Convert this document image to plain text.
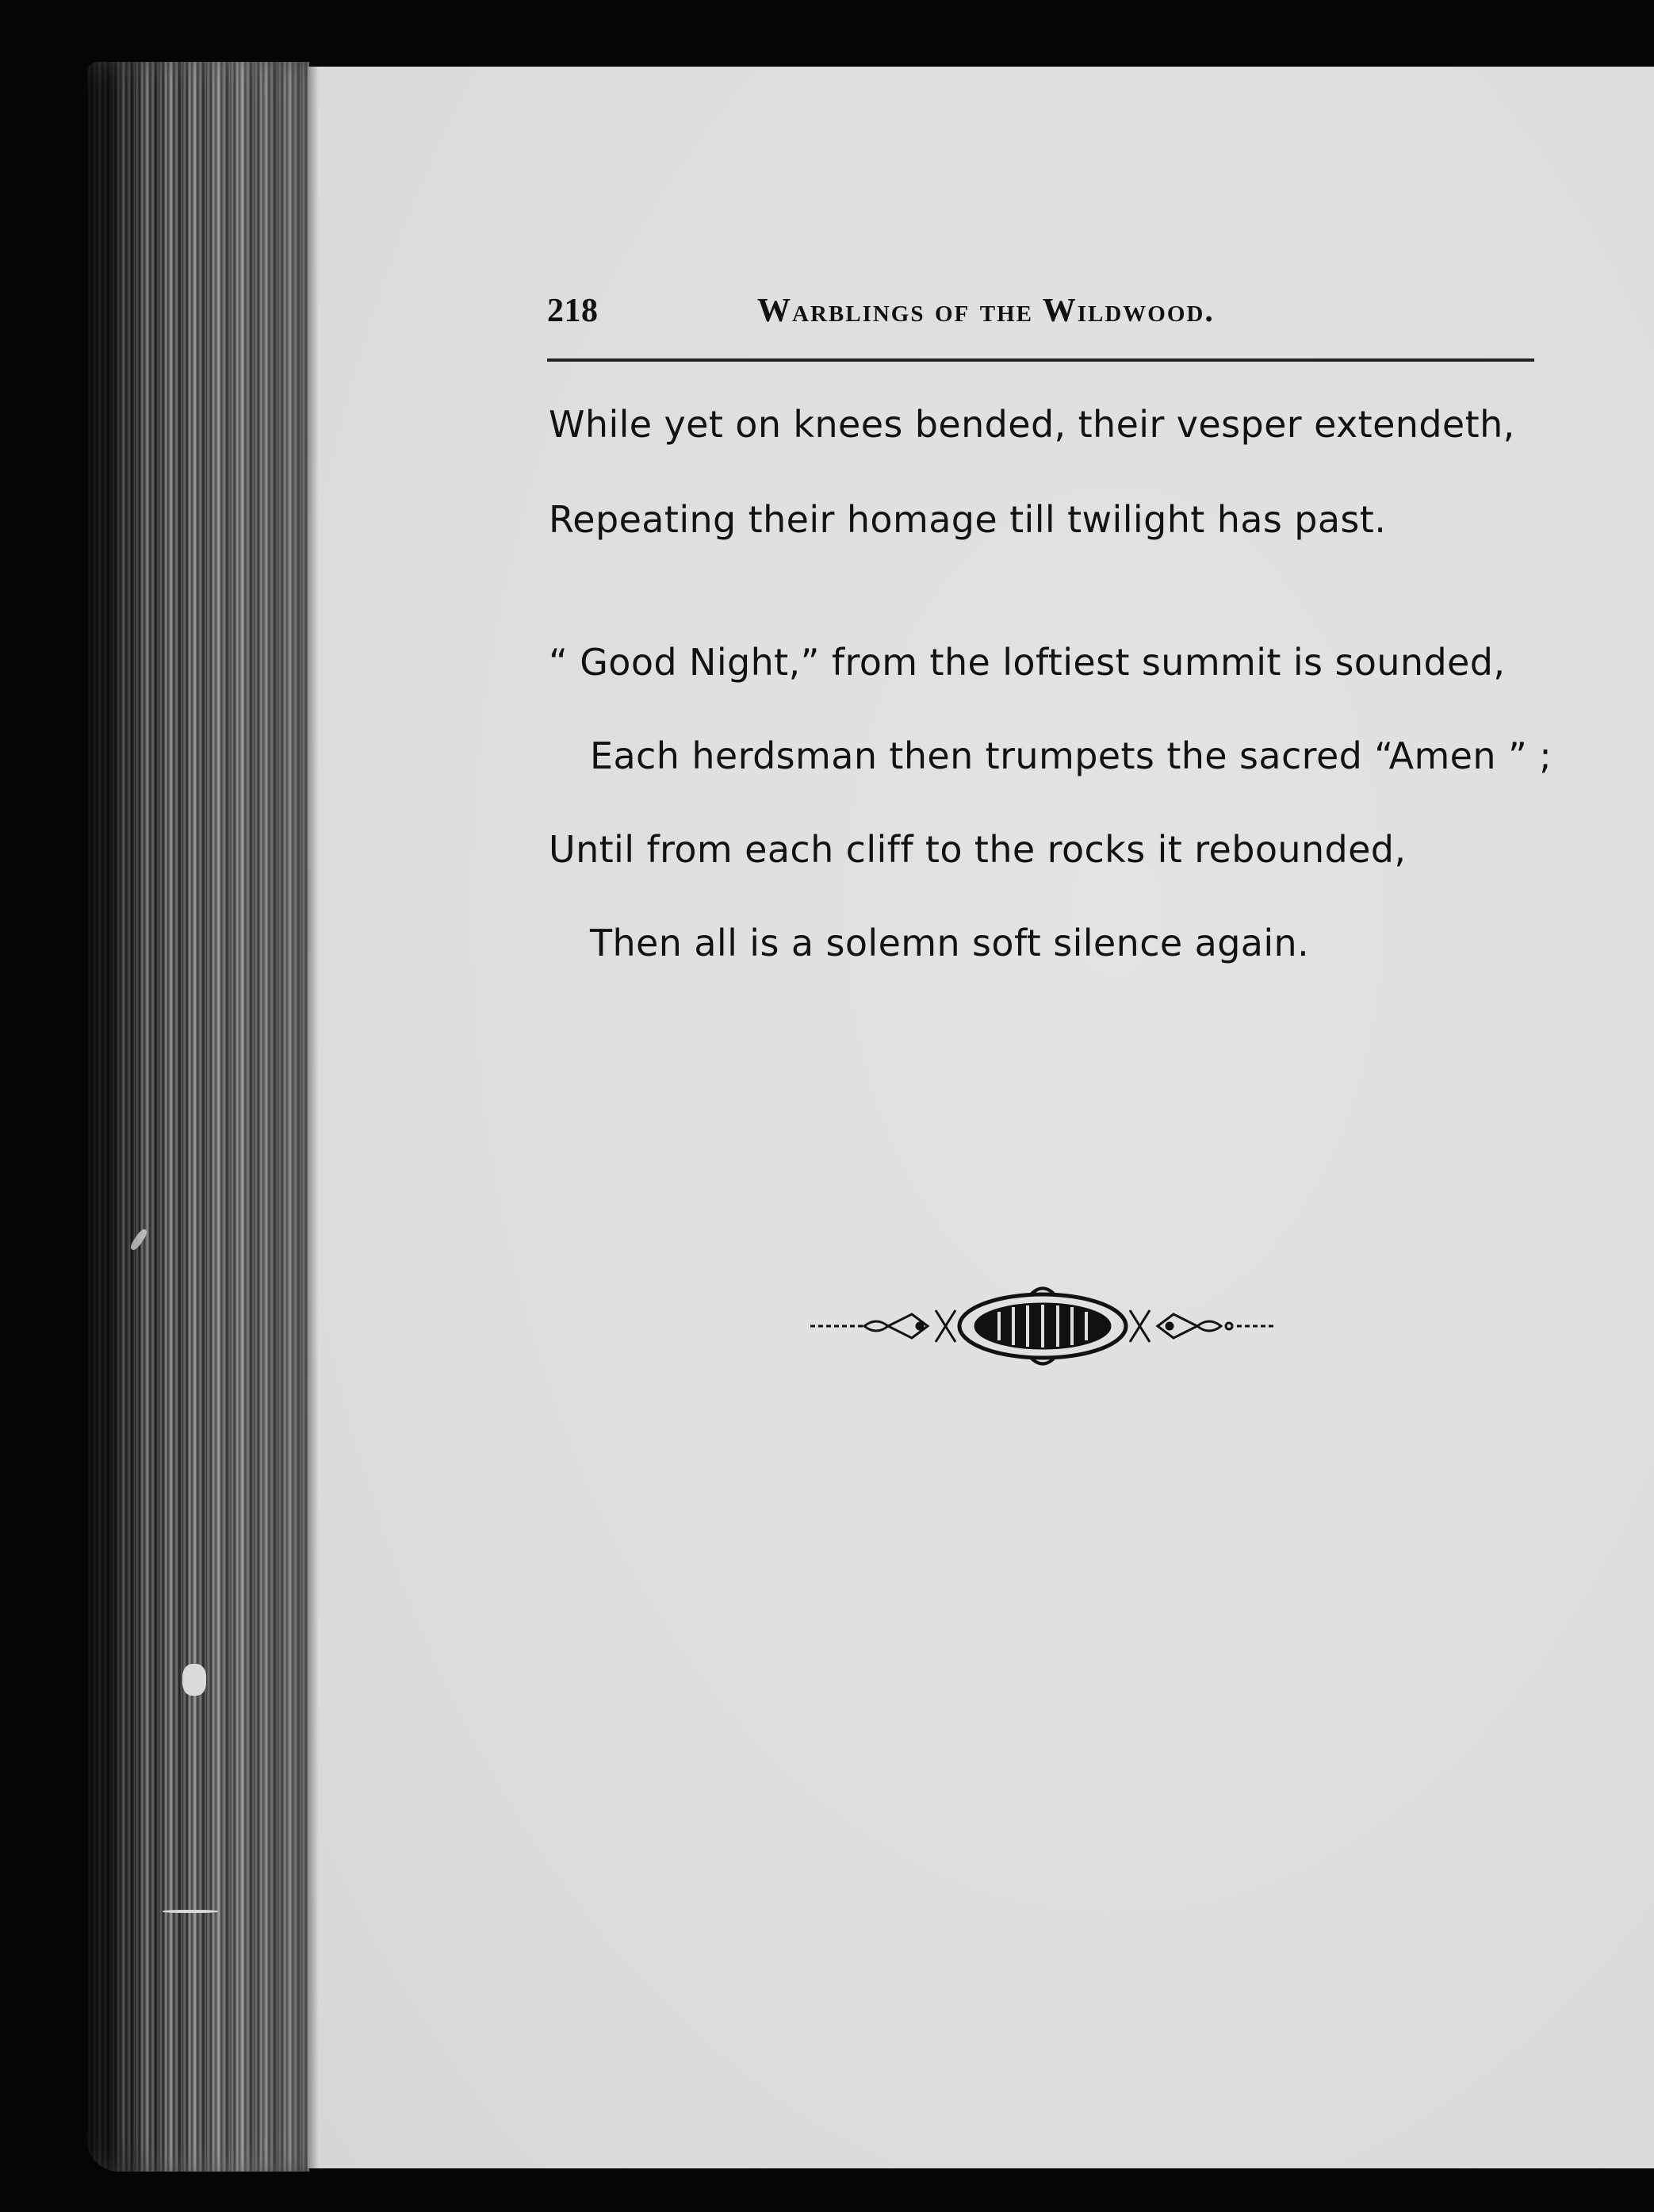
218	Warblings of the Wildwood.
While yet on knees bended, their vesper extendeth,
Repeating their homage till twilight has past.
“ Good Night,” from the loftiest summit is sounded,
Each herdsman then trumpets the sacred “Amen ” ;
Until from each cliff to the rocks it rebounded,
Then all is a solemn soft silence again.
